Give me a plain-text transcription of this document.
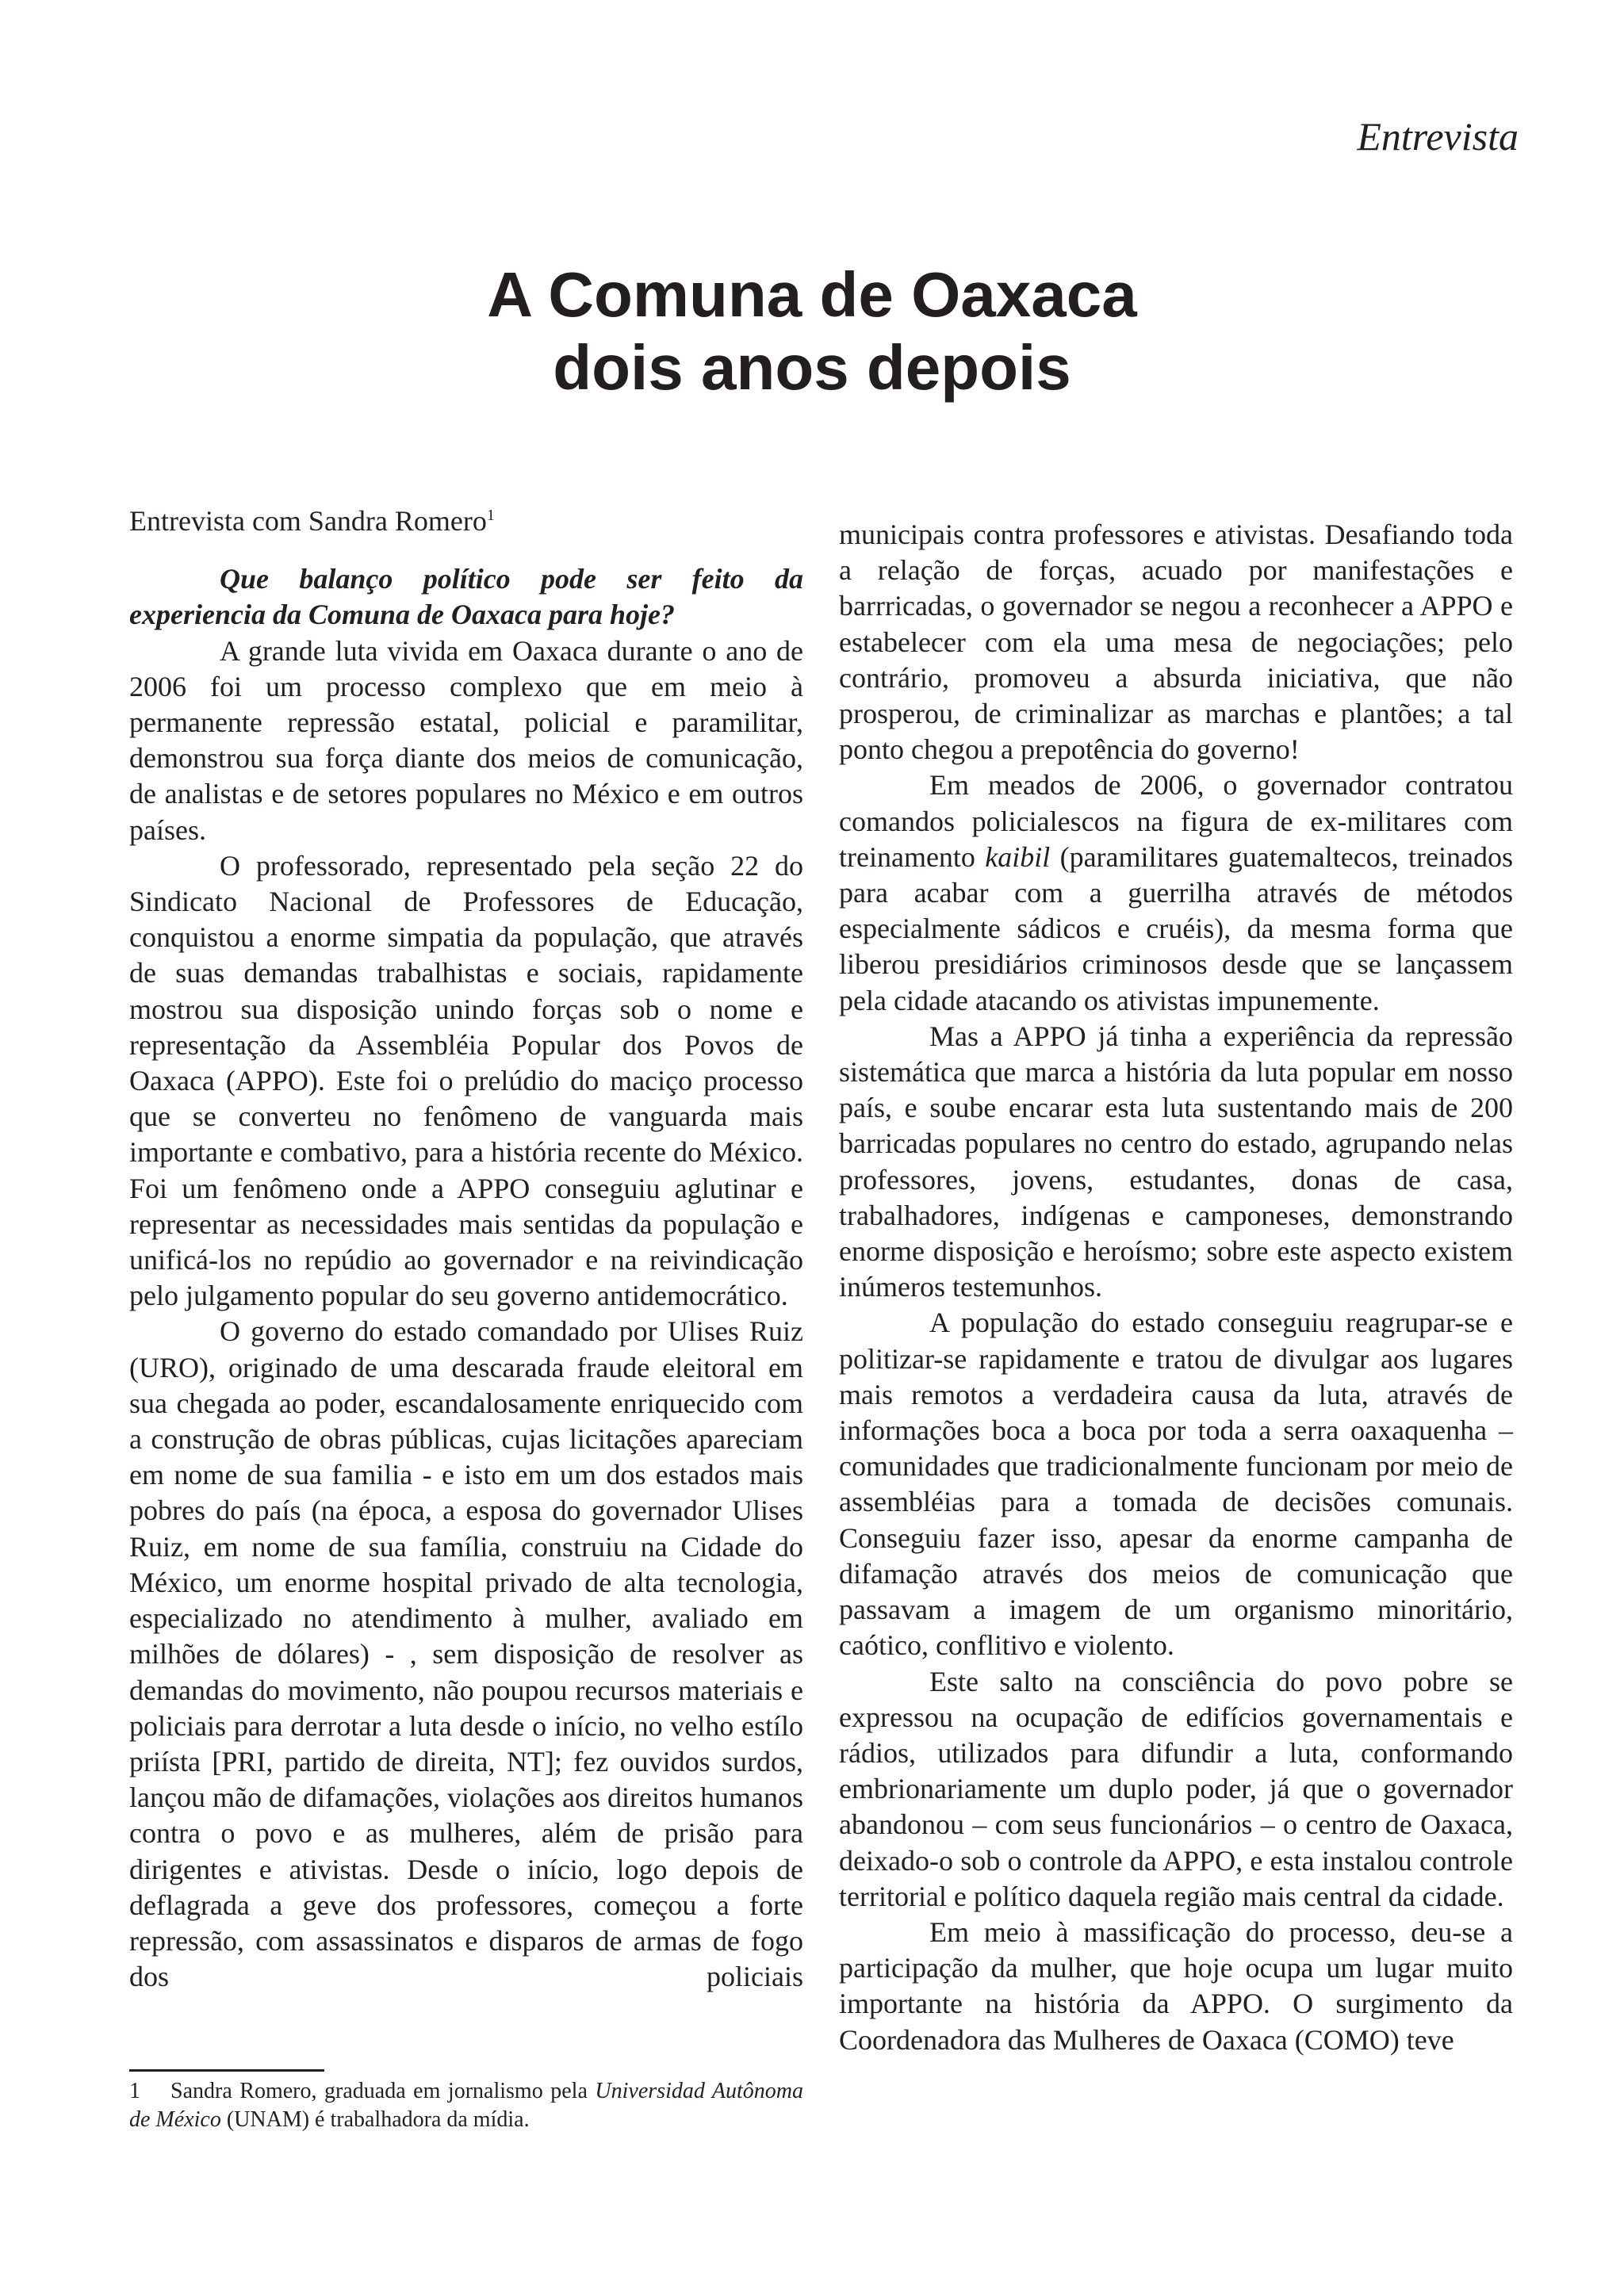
Entrevista
A Comuna de Oaxaca
dois anos depois

Entrevista com Sandra Romero$^1$

Que balanço político pode ser feito da experiencia da Comuna de Oaxaca para hoje?

A grande luta vivida em Oaxaca durante o ano de 2006 foi um processo complexo que em meio à permanente repressão estatal, policial e paramilitar, demonstrou sua força diante dos meios de comunicação, de analistas e de setores populares no México e em outros países.

O professorado, representado pela seção 22 do Sindicato Nacional de Professores de Educação, conquistou a enorme simpatia da população, que através de suas demandas trabalhistas e sociais, rapidamente mostrou sua disposição unindo forças sob o nome e representação da Assembléia Popular dos Povos de Oaxaca (APPO). Este foi o prelúdio do maciço processo que se converteu no fenômeno de vanguarda mais importante e combativo, para a história recente do México. Foi um fenômeno onde a APPO conseguiu aglutinar e representar as necessidades mais sentidas da população e unificá-los no repúdio ao governador e na reivindicação pelo julgamento popular do seu governo antidemocrático.

O governo do estado comandado por Ulises Ruiz (URO), originado de uma descarada fraude eleitoral em sua chegada ao poder, escandalosamente enriquecido com a construção de obras públicas, cujas licitações apareciam em nome de sua familia - e isto em um dos estados mais pobres do país (na época, a esposa do governador Ulises Ruiz, em nome de sua família, construiu na Cidade do México, um enorme hospital privado de alta tecnologia, especializado no atendimento à mulher, avaliado em milhões de dólares) - , sem disposição de resolver as demandas do movimento, não poupou recursos materiais e policiais para derrotar a luta desde o início, no velho estílo priísta [PRI, partido de direita, NT]; fez ouvidos surdos, lançou mão de difamações, violações aos direitos humanos contra o povo e as mulheres, além de prisão para dirigentes e ativistas. Desde o início, logo depois de deflagrada a geve dos professores, começou a forte repressão, com assassinatos e disparos de armas de fogo dos policiais

municipais contra professores e ativistas. Desafiando toda a relação de forças, acuado por manifestações e barrricadas, o governador se negou a reconhecer a APPO e estabelecer com ela uma mesa de negociações; pelo contrário, promoveu a absurda iniciativa, que não prosperou, de criminalizar as marchas e plantões; a tal ponto chegou a prepotência do governo!

Em meados de 2006, o governador contratou comandos policialescos na figura de ex-militares com treinamento kaibil (paramilitares guatemaltecos, treinados para acabar com a guerrilha através de métodos especialmente sádicos e cruéis), da mesma forma que liberou presidiários criminosos desde que se lançassem pela cidade atacando os ativistas impunemente.

Mas a APPO já tinha a experiência da repressão sistemática que marca a história da luta popular em nosso país, e soube encarar esta luta sustentando mais de 200 barricadas populares no centro do estado, agrupando nelas professores, jovens, estudantes, donas de casa, trabalhadores, indígenas e camponeses, demonstrando enorme disposição e heroísmo; sobre este aspecto existem inúmeros testemunhos.

A população do estado conseguiu reagrupar-se e politizar-se rapidamente e tratou de divulgar aos lugares mais remotos a verdadeira causa da luta, através de informações boca a boca por toda a serra oaxaquenha – comunidades que tradicionalmente funcionam por meio de assembléias para a tomada de decisões comunais. Conseguiu fazer isso, apesar da enorme campanha de difamação através dos meios de comunicação que passavam a imagem de um organismo minoritário, caótico, conflitivo e violento.

Este salto na consciência do povo pobre se expressou na ocupação de edifícios governamentais e rádios, utilizados para difundir a luta, conformando embrionariamente um duplo poder, já que o governador abandonou – com seus funcionários – o centro de Oaxaca, deixado-o sob o controle da APPO, e esta instalou controle territorial e político daquela região mais central da cidade.

Em meio à massificação do processo, deu-se a participação da mulher, que hoje ocupa um lugar muito importante na história da APPO. O surgimento da Coordenadora das Mulheres de Oaxaca (COMO) teve

1 Sandra Romero, graduada em jornalismo pela Universidad Autônoma de México (UNAM) é trabalhadora da mídia.
